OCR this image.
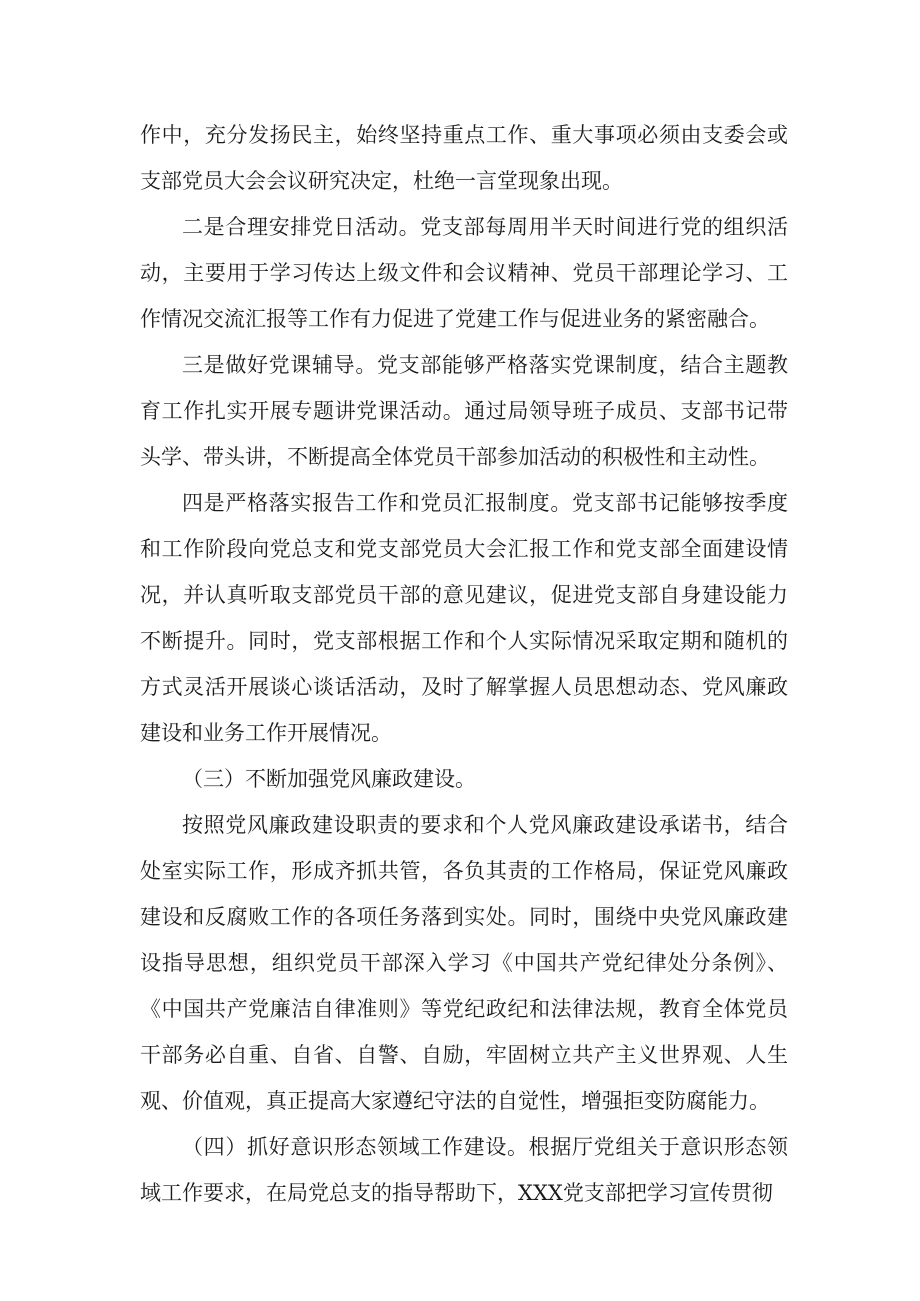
作中，充分发扬民主，始终坚持重点工作、重大事项必须由支委会或支部党员大会会议研究决定，杜绝一言堂现象出现。

二是合理安排党日活动。党支部每周用半天时间进行党的组织活动，主要用于学习传达上级文件和会议精神、党员干部理论学习、工作情况交流汇报等工作有力促进了党建工作与促进业务的紧密融合。

三是做好党课辅导。党支部能够严格落实党课制度，结合主题教育工作扎实开展专题讲党课活动。通过局领导班子成员、支部书记带头学、带头讲，不断提高全体党员干部参加活动的积极性和主动性。

四是严格落实报告工作和党员汇报制度。党支部书记能够按季度和工作阶段向党总支和党支部党员大会汇报工作和党支部全面建设情况，并认真听取支部党员干部的意见建议，促进党支部自身建设能力不断提升。同时，党支部根据工作和个人实际情况采取定期和随机的方式灵活开展谈心谈话活动，及时了解掌握人员思想动态、党风廉政建设和业务工作开展情况。

（三）不断加强党风廉政建设。

按照党风廉政建设职责的要求和个人党风廉政建设承诺书，结合处室实际工作，形成齐抓共管，各负其责的工作格局，保证党风廉政建设和反腐败工作的各项任务落到实处。同时，围绕中央党风廉政建设指导思想，组织党员干部深入学习《中国共产党纪律处分条例》、《中国共产党廉洁自律准则》等党纪政纪和法律法规，教育全体党员干部务必自重、自省、自警、自励，牢固树立共产主义世界观、人生观、价值观，真正提高大家遵纪守法的自觉性，增强拒变防腐能力。

（四）抓好意识形态领域工作建设。根据厅党组关于意识形态领域工作要求，在局党总支的指导帮助下，XXX党支部把学习宣传贯彻
